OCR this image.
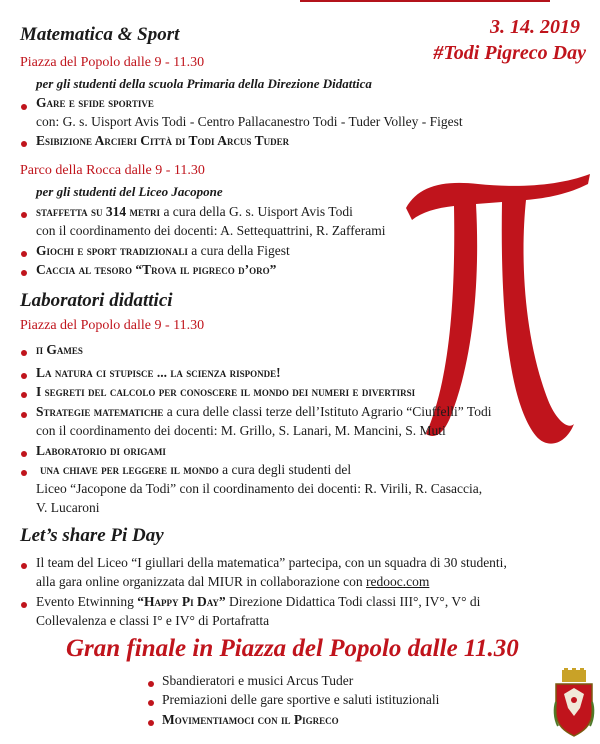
3. 14. 2019
#Todi Pigreco Day
Matematica & Sport
Piazza del Popolo dalle 9 - 11.30
per gli studenti della scuola Primaria della Direzione Didattica
Gare e sfide sportive
con: G. s. Uisport Avis Todi - Centro Pallacanestro Todi - Tuder Volley - Figest
Esibizione Arcieri Città di Todi Arcus Tuder
Parco della Rocca dalle 9 - 11.30
per gli studenti del Liceo Jacopone
staffetta su 314 metri a cura della G. s. Uisport Avis Todi
con il coordinamento dei docenti: A. Settequattrini, R. Zafferami
Giochi e sport tradizionali a cura della Figest
Caccia al tesoro “Trova il pigreco d’oro”
Laboratori didattici
Piazza del Popolo dalle 9 - 11.30
π Games
La natura ci stupisce ... la scienza risponde!
I segreti del calcolo per conoscere il mondo dei numeri e divertirsi
Strategie matematiche a cura delle classi terze dell’Istituto Agrario “Ciuffelli” Todi
con il coordinamento dei docenti: M. Grillo, S. Lanari, M. Mancini, S. Muti
Laboratorio di origami
una chiave per leggere il mondo a cura degli studenti del
Liceo “Jacopone da Todi” con il coordinamento dei docenti: R. Virili, R. Casaccia,
V. Lucaroni
Let’s share Pi Day
Il team del Liceo “I giullari della matematica” partecipa, con un squadra di 30 studenti,
alla gara online organizzata dal MIUR in collaborazione con redooc.com
Evento Etwinning “Happy Pi Day” Direzione Didattica Todi classi III°, IV°, V° di
Collevalenza e classi I° e IV° di Portafratta
Gran finale in Piazza del Popolo dalle 11.30
Sbandieratori e musici Arcus Tuder
Premiazioni delle gare sportive e saluti istituzionali
Movimentiamoci con il Pigreco
